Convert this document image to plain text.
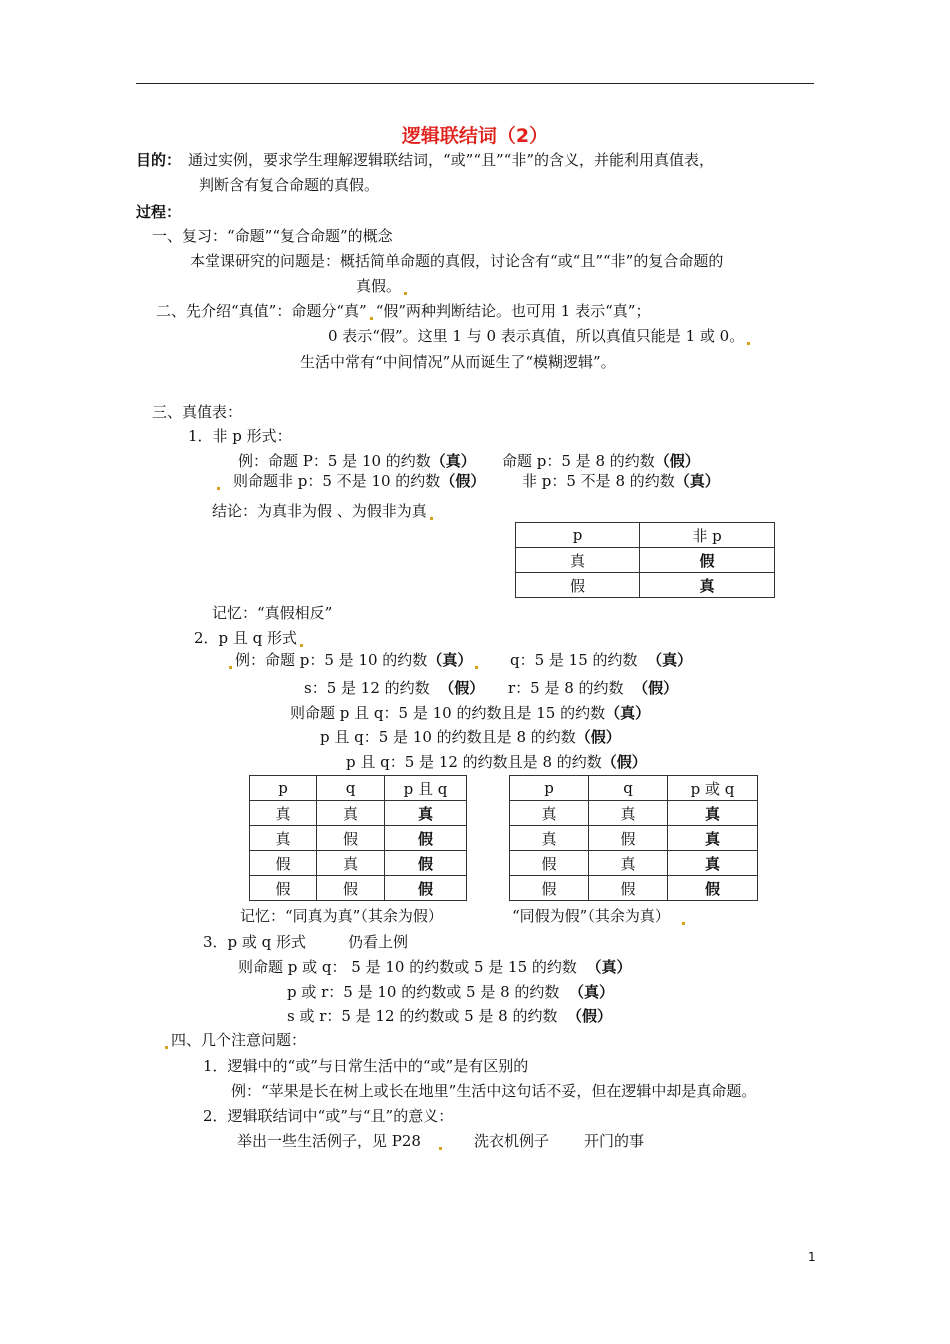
逻辑联结词（2）
目的： 通过实例，要求学生理解逻辑联结词，“或”“且”“非”的含义，并能利用真值表，
判断含有复合命题的真假。
过程：
一、复习：“命题”“复合命题”的概念
本堂课研究的问题是：概括简单命题的真假，讨论含有“或“且”“非”的复合命题的
真假。
二、先介绍“真值”：命题分“真” “假”两种判断结论。也可用 1 表示“真”；
0 表示“假”。这里 1 与 0 表示真值，所以真值只能是 1 或 0。
生活中常有“中间情况”从而诞生了“模糊逻辑”。
三、真值表：
1．非 p 形式：
例：命题 P：5 是 10 的约数（真） 命题 p：5 是 8 的约数（假）
则命题非 p：5 不是 10 的约数（假） 非 p：5 不是 8 的约数（真）
结论：为真非为假 、为假非为真
p	非 p
真	假
假	真
记忆：“真假相反”
2．p 且 q 形式
例：命题 p：5 是 10 的约数（真）	q：5 是 15 的约数 （真）
s：5 是 12 的约数 （假） r：5 是 8 的约数 （假）
则命题 p 且 q：5 是 10 的约数且是 15 的约数（真）
p 且 q：5 是 10 的约数且是 8 的约数（假）
p 且 q：5 是 12 的约数且是 8 的约数（假）
p	q	p 且 q
真	真	真
真	假	假
假	真	假
假	假	假
p	q	p 或 q
真	真	真
真	假	真
假	真	真
假	假	假
记忆：“同真为真”（其余为假）	“同假为假”（其余为真）
3．p 或 q 形式	仍看上例
则命题 p 或 q： 5 是 10 的约数或 5 是 15 的约数 （真）
p 或 r：5 是 10 的约数或 5 是 8 的约数 （真）
s 或 r：5 是 12 的约数或 5 是 8 的约数 （假）
四、几个注意问题：
1．逻辑中的“或”与日常生活中的“或”是有区别的
例：“苹果是长在树上或长在地里”生活中这句话不妥，但在逻辑中却是真命题。
2．逻辑联结词中“或”与“且”的意义：
举出一些生活例子，见 P28	洗衣机例子 开门的事
1
